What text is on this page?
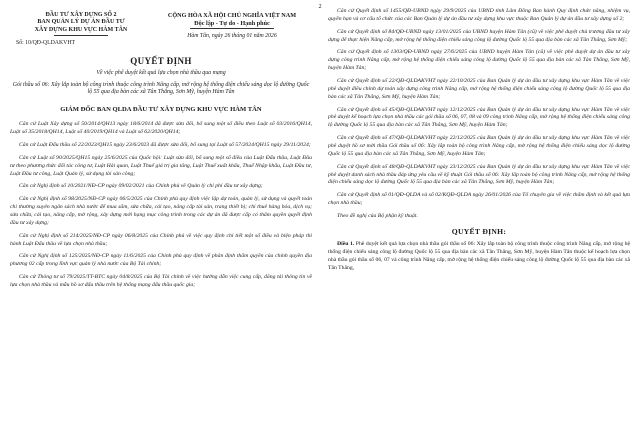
2
ĐẦU TƯ XÂY DỰNG SỐ 2
BAN QUẢN LÝ DỰ ÁN ĐẦU TƯ
XÂY DỰNG KHU VỰC HÀM TÂN
Số: 10/QĐ-QLDAKVHT
CỘNG HÒA XÃ HỘI CHỦ NGHĨA VIỆT NAM
Độc lập - Tự do - Hạnh phúc
Hàm Tân, ngày 26 tháng 01 năm 2026
QUYẾT ĐỊNH
Về việc phê duyệt kết quả lựa chọn nhà thầu qua mạng
Gói thầu số 06: Xây lắp toàn bộ công trình thuộc công trình Nâng cấp, mở rộng hệ thống điện chiếu sáng dọc lộ đường Quốc lộ 55 qua địa bàn các xã Tân Thắng, Sơn Mỹ, huyện Hàm Tân
GIÁM ĐỐC BAN QLDA ĐẦU TƯ XÂY DỰNG KHU VỰC HÀM TÂN
Căn cứ Luật Xây dựng số 50/2014/QH13 ngày 18/6/2014 đã được sửa đổi, bổ sung một số điều theo Luật số 03/2016/QH14, Luật số 35/2018/QH14, Luật số 40/2019/QH14 và Luật số 62/2020/QH14;
Căn cứ Luật Đấu thầu số 22/2023/QH15 ngày 23/6/2023 đã được sửa đổi, bổ sung tại Luật số 57/2024/QH15 ngày 29/11/2024;
Căn cứ Luật số 90/2025/QH15 ngày 25/6/2025 của Quốc hội: Luật sửa đổi, bổ sung một số điều của Luật Đấu thầu, Luật Đầu tư theo phương thức đối tác công tư, Luật Hải quan, Luật Thuế giá trị gia tăng, Luật Thuế xuất khẩu, Thuế Nhập khẩu, Luật Đầu tư, Luật Đầu tư công, Luật Quản lý, sử dụng tài sản công;
Căn cứ Nghị định số 10/2021/NĐ-CP ngày 09/02/2021 của Chính phủ về Quản lý chi phí đầu tư xây dựng;
Căn cứ Nghị định số 98/2025/NĐ-CP ngày 06/5/2025 của Chính phủ quy định việc lập dự toán, quản lý, sử dụng và quyết toán chi thường xuyên ngân sách nhà nước để mua sắm, sửa chữa, cải tạo, nâng cấp tài sản, trang thiết bị; chi thuê hàng hóa, dịch vụ; sửa chữa, cải tạo, nâng cấp, mở rộng, xây dựng mới hạng mục công trình trong các dự án đã được cấp có thẩm quyền quyết định đầu tư xây dựng;
Căn cứ Nghị định số 214/2025/NĐ-CP ngày 06/8/2025 của Chính phủ về việc quy định chi tiết một số điều và biện pháp thi hành Luật Đấu thầu về lựa chọn nhà thầu;
Căn cứ Nghị định số 125/2025/NĐ-CP ngày 11/6/2025 của Chính phủ quy định về phân định thẩm quyền của chính quyền địa phương 02 cấp trong lĩnh vực quản lý nhà nước của Bộ Tài chính;
Căn cứ Thông tư số 79/2025/TT-BTC ngày 04/8/2025 của Bộ Tài chính về việc hướng dẫn việc cung cấp, đăng tải thông tin về lựa chọn nhà thầu và mẫu hồ sơ đấu thầu trên hệ thống mạng đấu thầu quốc gia;
Căn cứ Quyết định số 1455/QĐ-UBND ngày 29/9/2025 của UBND tỉnh Lâm Đồng Ban hành Quy định chức năng, nhiệm vụ, quyền hạn và cơ cấu tổ chức của các Ban Quản lý dự án đầu tư xây dựng khu vực thuộc Ban Quản lý dự án đầu tư xây dựng số 2;
Căn cứ Quyết định số 84/QĐ-UBND ngày 13/01/2025 của UBND huyện Hàm Tân (cũ) về việc phê duyệt chủ trương đầu tư xây dựng để thực hiện Nâng cấp, mở rộng hệ thống điện chiếu sáng công lộ đường Quốc lộ 55 qua địa bàn các xã Tân Thắng, Sơn Mỹ;
Căn cứ Quyết định số 1303/QĐ-UBND ngày 27/6/2025 của UBND huyện Hàm Tân (cũ) về việc phê duyệt dự án đầu tư xây dựng công trình Nâng cấp, mở rộng hệ thống điện chiếu sáng công lộ đường Quốc lộ 55 qua địa bàn các xã Tân Thắng, Sơn Mỹ, huyện Hàm Tân;
Căn cứ Quyết định số 22/QĐ-QLDAKVHT ngày 22/10/2025 của Ban Quản lý dự án đầu tư xây dựng khu vực Hàm Tân về việc phê duyệt điều chỉnh dự toán xây dựng công trình Nâng cấp, mở rộng hệ thống điện chiếu sáng công lộ đường Quốc lộ 55 qua địa bàn các xã Tân Thắng, Sơn Mỹ, huyện Hàm Tân;
Căn cứ Quyết định số 45/QĐ-QLDAKVHT ngày 12/12/2025 của Ban Quản lý dự án đầu tư xây dựng khu vực Hàm Tân về việc phê duyệt kế hoạch lựa chọn nhà thầu các gói thầu số 06, 07, 08 và 09 công trình Nâng cấp, mở rộng hệ thống điện chiếu sáng công lộ đường Quốc lộ 55 qua địa bàn các xã Tân Thắng, Sơn Mỹ, huyện Hàm Tân;
Căn cứ Quyết định số 47/QĐ-QLDAKVHT ngày 22/12/2025 của Ban Quản lý dự án đầu tư xây dựng khu vực Hàm Tân về việc phê duyệt hồ sơ mời thầu Gói thầu số 06: Xây lắp toàn bộ công trình Nâng cấp, mở rộng hệ thống điện chiếu sáng dọc lộ đường Quốc lộ 55 qua địa bàn các xã Tân Thắng, Sơn Mỹ, huyện Hàm Tân;
Căn cứ Quyết định số 48/QĐ-QLDAKVHT ngày 23/12/2025 của Ban Quản lý dự án đầu tư xây dựng khu vực Hàm Tân về việc phê duyệt danh sách nhà thầu đáp ứng yêu cầu về kỹ thuật Gói thầu số 06: Xây lắp toàn bộ công trình Nâng cấp, mở rộng hệ thống điện chiếu sáng dọc lộ đường Quốc lộ 55 qua địa bàn các xã Tân Thắng, Sơn Mỹ, huyện Hàm Tân;
Căn cứ Quyết định số 01/QĐ-QLDA và số 02/KQĐ-QLDA ngày 26/01/2026 của Tổ chuyên gia về việc thẩm định và kết quả lựa chọn nhà thầu;
Theo đề nghị của Bộ phận kỹ thuật.
QUYẾT ĐỊNH:
Điều 1. Phê duyệt kết quả lựa chọn nhà thầu gói thầu số 06: Xây lắp toàn bộ công trình thuộc công trình Nâng cấp, mở rộng hệ thống điện chiếu sáng công lộ đường Quốc lộ 55 qua địa bàn các xã Tân Thắng, Sơn Mỹ, huyện Hàm Tân thuộc kế hoạch lựa chọn nhà thầu gói thầu số 06, 07 và công trình Nâng cấp, mở rộng hệ thống điện chiếu sáng công lộ đường Quốc lộ 55 qua địa bàn các xã Tân Thắng,
